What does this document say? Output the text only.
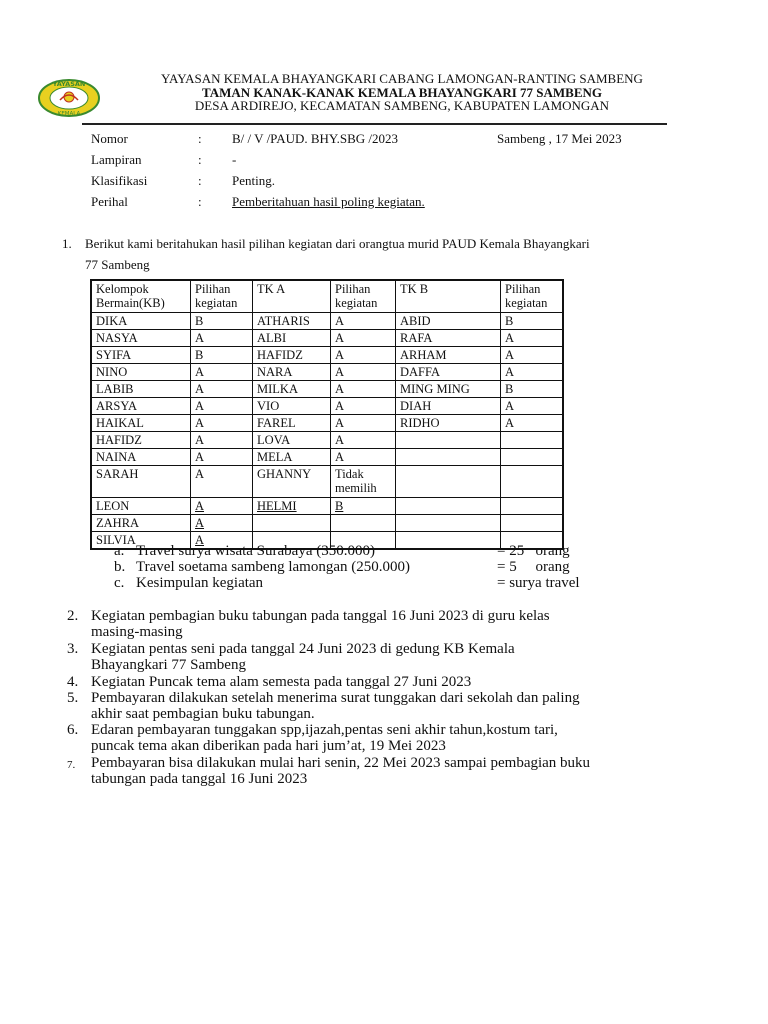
YAYASAN
KEMALA
YAYASAN KEMALA BHAYANGKARI CABANG LAMONGAN-RANTING SAMBENG
TAMAN KANAK-KANAK KEMALA BHAYANGKARI 77 SAMBENG
DESA ARDIREJO, KECAMATAN SAMBENG, KABUPATEN LAMONGAN
Nomor	: B/ / V /PAUD. BHY.SBG /2023	Sambeng , 17 Mei 2023
Lampiran	: -
Klasifikasi	: Penting.
Perihal	: Pemberitahuan hasil poling kegiatan.
1. Berikut kami beritahukan hasil pilihan kegiatan dari orangtua murid PAUD Kemala Bhayangkari
77 Sambeng
Kelompok Bermain(KB)	Pilihan kegiatan	TK A	Pilihan kegiatan	TK B	Pilihan kegiatan
DIKA	B	ATHARIS	A	ABID	B
NASYA	A	ALBI	A	RAFA	A
SYIFA	B	HAFIDZ	A	ARHAM	A
NINO	A	NARA	A	DAFFA	A
LABIB	A	MILKA	A	MING MING	B
ARSYA	A	VIO	A	DIAH	A
HAIKAL	A	FAREL	A	RIDHO	A
HAFIDZ	A	LOVA	A		
NAINA	A	MELA	A		
SARAH	A	GHANNY	Tidak memilih		
LEON	A	HELMI	B		
ZAHRA	A				
SILVIA	A				
a. Travel surya wisata Surabaya (350.000)	= 25   orang
b. Travel soetama sambeng lamongan (250.000)	= 5     orang
c. Kesimpulan kegiatan	= surya travel
2. Kegiatan pembagian buku tabungan pada tanggal 16 Juni 2023 di guru kelas
masing-masing
3. Kegiatan pentas seni pada tanggal 24 Juni 2023 di gedung KB Kemala
Bhayangkari 77 Sambeng
4. Kegiatan Puncak tema alam semesta pada tanggal 27 Juni 2023
5. Pembayaran dilakukan setelah menerima surat tunggakan dari sekolah dan paling
akhir saat pembagian buku tabungan.
6. Edaran pembayaran tunggakan spp,ijazah,pentas seni akhir tahun,kostum tari,
puncak tema akan diberikan pada hari jum’at, 19 Mei 2023
7. Pembayaran bisa dilakukan mulai hari senin, 22 Mei 2023 sampai pembagian buku
tabungan pada tanggal 16 Juni 2023
